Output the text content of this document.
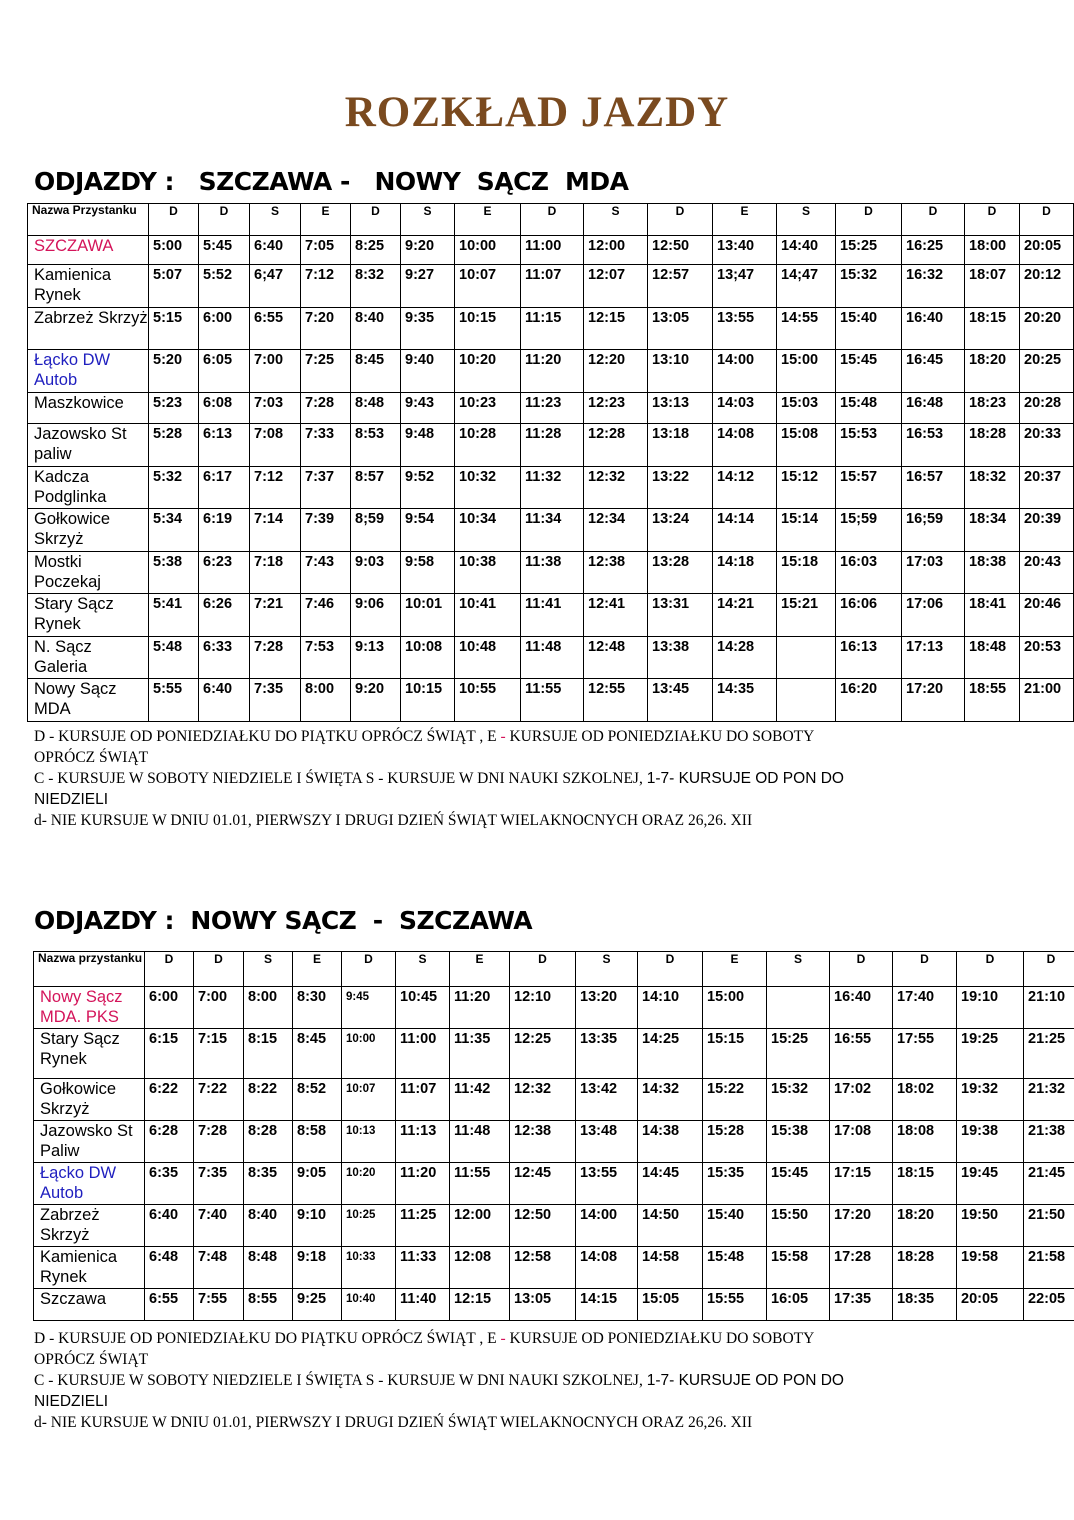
ROZKŁAD JAZDY
ODJAZDY :   SZCZAWA -   NOWY  SĄCZ  MDA
Nazwa Przystanku	D	D	S	E	D	S	E	D	S	D	E	S	D	D	D	D
SZCZAWA	5:00	5:45	6:40	7:05	8:25	9:20	10:00	11:00	12:00	12:50	13:40	14:40	15:25	16:25	18:00	20:05
Kamienica Rynek	5:07	5:52	6;47	7:12	8:32	9:27	10:07	11:07	12:07	12:57	13;47	14;47	15:32	16:32	18:07	20:12
Zabrzeż Skrzyż	5:15	6:00	6:55	7:20	8:40	9:35	10:15	11:15	12:15	13:05	13:55	14:55	15:40	16:40	18:15	20:20
Łącko DW Autob	5:20	6:05	7:00	7:25	8:45	9:40	10:20	11:20	12:20	13:10	14:00	15:00	15:45	16:45	18:20	20:25
Maszkowice	5:23	6:08	7:03	7:28	8:48	9:43	10:23	11:23	12:23	13:13	14:03	15:03	15:48	16:48	18:23	20:28
Jazowsko St paliw	5:28	6:13	7:08	7:33	8:53	9:48	10:28	11:28	12:28	13:18	14:08	15:08	15:53	16:53	18:28	20:33
Kadcza Podglinka	5:32	6:17	7:12	7:37	8:57	9:52	10:32	11:32	12:32	13:22	14:12	15:12	15:57	16:57	18:32	20:37
Gołkowice Skrzyż	5:34	6:19	7:14	7:39	8;59	9:54	10:34	11:34	12:34	13:24	14:14	15:14	15;59	16;59	18:34	20:39
Mostki Poczekaj	5:38	6:23	7:18	7:43	9:03	9:58	10:38	11:38	12:38	13:28	14:18	15:18	16:03	17:03	18:38	20:43
Stary Sącz Rynek	5:41	6:26	7:21	7:46	9:06	10:01	10:41	11:41	12:41	13:31	14:21	15:21	16:06	17:06	18:41	20:46
N. Sącz Galeria	5:48	6:33	7:28	7:53	9:13	10:08	10:48	11:48	12:48	13:38	14:28		16:13	17:13	18:48	20:53
Nowy Sącz MDA	5:55	6:40	7:35	8:00	9:20	10:15	10:55	11:55	12:55	13:45	14:35		16:20	17:20	18:55	21:00
D - KURSUJE OD PONIEDZIAŁKU DO PIĄTKU OPRÓCZ ŚWIĄT , E - KURSUJE OD PONIEDZIAŁKU DO SOBOTY
OPRÓCZ ŚWIĄT
C - KURSUJE W SOBOTY NIEDZIELE I ŚWIĘTA S - KURSUJE W DNI NAUKI SZKOLNEJ, 1-7- KURSUJE OD PON DO
NIEDZIELI
d- NIE KURSUJE W DNIU 01.01, PIERWSZY I DRUGI DZIEŃ ŚWIĄT WIELAKNOCNYCH ORAZ 26,26. XII
ODJAZDY :  NOWY SĄCZ  -  SZCZAWA
Nazwa przystanku	D	D	S	E	D	S	E	D	S	D	E	S	D	D	D	D
Nowy Sącz MDA. PKS	6:00	7:00	8:00	8:30	9:45	10:45	11:20	12:10	13:20	14:10	15:00		16:40	17:40	19:10	21:10
Stary Sącz Rynek	6:15	7:15	8:15	8:45	10:00	11:00	11:35	12:25	13:35	14:25	15:15	15:25	16:55	17:55	19:25	21:25
Gołkowice Skrzyż	6:22	7:22	8:22	8:52	10:07	11:07	11:42	12:32	13:42	14:32	15:22	15:32	17:02	18:02	19:32	21:32
Jazowsko St Paliw	6:28	7:28	8:28	8:58	10:13	11:13	11:48	12:38	13:48	14:38	15:28	15:38	17:08	18:08	19:38	21:38
Łącko DW Autob	6:35	7:35	8:35	9:05	10:20	11:20	11:55	12:45	13:55	14:45	15:35	15:45	17:15	18:15	19:45	21:45
Zabrzeż Skrzyż	6:40	7:40	8:40	9:10	10:25	11:25	12:00	12:50	14:00	14:50	15:40	15:50	17:20	18:20	19:50	21:50
Kamienica Rynek	6:48	7:48	8:48	9:18	10:33	11:33	12:08	12:58	14:08	14:58	15:48	15:58	17:28	18:28	19:58	21:58
Szczawa	6:55	7:55	8:55	9:25	10:40	11:40	12:15	13:05	14:15	15:05	15:55	16:05	17:35	18:35	20:05	22:05
D - KURSUJE OD PONIEDZIAŁKU DO PIĄTKU OPRÓCZ ŚWIĄT , E - KURSUJE OD PONIEDZIAŁKU DO SOBOTY
OPRÓCZ ŚWIĄT
C - KURSUJE W SOBOTY NIEDZIELE I ŚWIĘTA S - KURSUJE W DNI NAUKI SZKOLNEJ, 1-7- KURSUJE OD PON DO
NIEDZIELI
d- NIE KURSUJE W DNIU 01.01, PIERWSZY I DRUGI DZIEŃ ŚWIĄT WIELAKNOCNYCH ORAZ 26,26. XII
